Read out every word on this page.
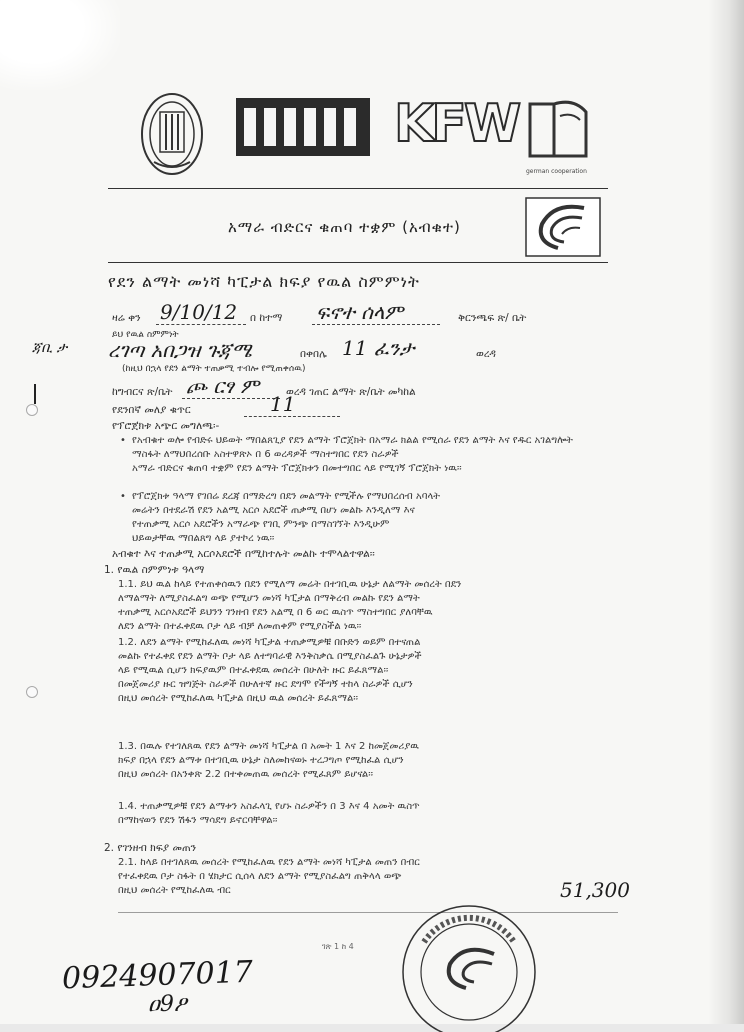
KFW
german cooperation
አማራ ብድርና ቁጠባ ተቋም (አብቁተ)
የደን ልማት መነሻ ካፒታል ክፍያ የዉል ስምምነት
ዛሬ ቀን 9/10/12 በ ከተማ ፍኖተ ሰላም	ቅርንጫፍ ጽ/ ቤት
ይህ የዉል ስምምነት
ጃቢ ታ ረገጣ አበጋዝ ጉጃሜ	በቀበሌ 11 ፈንታ	ወረዳ
(ከዚህ በኋላ የደን ልማት ተጠቃሚ ተብሎ የሚጠቀሰዉ)
ከግብርና ጽ/ቤት ጮ ርፃ ም	ወረዳ ገጠር ልማት ጽ/ቤት መካከል
የደንበኛ መለያ ቁጥር	11
የፕሮጀክቱ አጭር መግለጫ፡-
• የአብቁተ ወሎ የብድሩ ህይወት ማበልጸጊያ የደን ልማት ፕሮጀክት በአማራ ክልል የሚሰራ የደን ልማት እና የዱር አገልግሎት
ማስፋት ለማህበረሰቡ አስተዋጽኦ በ 6 ወረዳዎች ማስተግበር የደን ስራዎች
አማራ ብድርና ቁጠባ ተቋም የደን ልማት ፕሮጀክቱን በመተግበር ላይ የሚገኝ ፕሮጀክት ነዉ፡፡
• የፕሮጀክቱ ዓላማ የገበሬ ደረጃ በማድረግ በደን መልማት የሚችሉ የማህበረሰብ አባላት
መሬትን በተደራሽ የደን አልሚ አርሶ አደሮች ጠቃሚ በሆነ መልኩ እንዲለማ እና
የተጠቃሚ አርሶ አደሮችን አማራጭ የገቢ ምንጭ በማስገኘት እንዲሁም
ህይወታቸዉ ማበልጸግ ላይ ያተኮረ ነዉ፡፡
አብቁተ እና ተጠቃሚ አርሶአደሮች በሚከተሉት መልኩ ተሞላልተዋል፡፡
1. የዉል ስምምነቱ ዓላማ
1.1. ይህ ዉል ከላይ የተጠቀሰዉን በደን የሚለማ መሬት በተገቢዉ ሁኔታ ለልማት መሰረት በደን
ለማልማት ለሚያስፈልግ ወጭ የሚሆን መነሻ ካፒታል በማቅረብ መልኩ የደን ልማት
ተጠቃሚ አርሶአደሮች ይህንን ገንዘብ የደን አልሚ በ 6 ወር ዉስጥ ማስተግበር ያለባቸዉ
ለደን ልማት በተፈቀደዉ ቦታ ላይ ብቻ ለመጠቀም የሚያስችል ነዉ፡፡
1.2. ለደን ልማት የሚከፈለዉ መነሻ ካፒታል ተጠቃሚዎቹ በቡድን ወይም በተናጠል
መልኩ የተፈቀደ የደን ልማት ቦታ ላይ ለተግባራዊ እንቅስቃሴ በሚያስፈልጉ ሁኔታዎች
ላይ የሚዉል ሲሆን ክፍያዉም በተፈቀደዉ መሰረት በሁለት ዙር ይፈጸማል፡፡
በመጀመሪያ ዙር ዝግጅት ስራዎች በሁለተኛ ዙር ደግሞ የችግኝ ተከላ ስራዎች ሲሆን
በዚህ መሰረት የሚከፈለዉ ካፒታል በዚህ ዉል መሰረት ይፈጸማል፡፡
1.3. በዉሉ የተገለጸዉ የደን ልማት መነሻ ካፒታል በ አመት 1 እና 2 ከመጀመሪያዉ
ክፍያ በኋላ የደን ልማቱ በተገቢዉ ሁኔታ ስለመከናወኑ ተረጋግጦ የሚከፈል ሲሆን
በዚህ መሰረት በአንቀጽ 2.2 በተቀመጠዉ መሰረት የሚፈጸም ይሆናል፡፡
1.4. ተጠቃሚዎቹ የደን ልማቱን አስፈላጊ የሆኑ ስራዎችን በ 3 እና 4 አመት ዉስጥ
በማከናወን የደን ሽፋን ማሳደግ ይኖርባቸዋል፡፡
2. የገንዘብ ክፍያ መጠን
2.1. ከላይ በተገለጸዉ መሰረት የሚከፈለዉ የደን ልማት መነሻ ካፒታል መጠን በብር
የተፈቀደዉ ቦታ ስፋት በ ሄክታር ሲሰላ ለደን ልማት የሚያስፈልግ ጠቅላላ ወጭ
በዚህ መሰረት የሚከፈለዉ ብር	51,300
ገጽ 1 ከ 4
0924907017
ዐ9ዖ
